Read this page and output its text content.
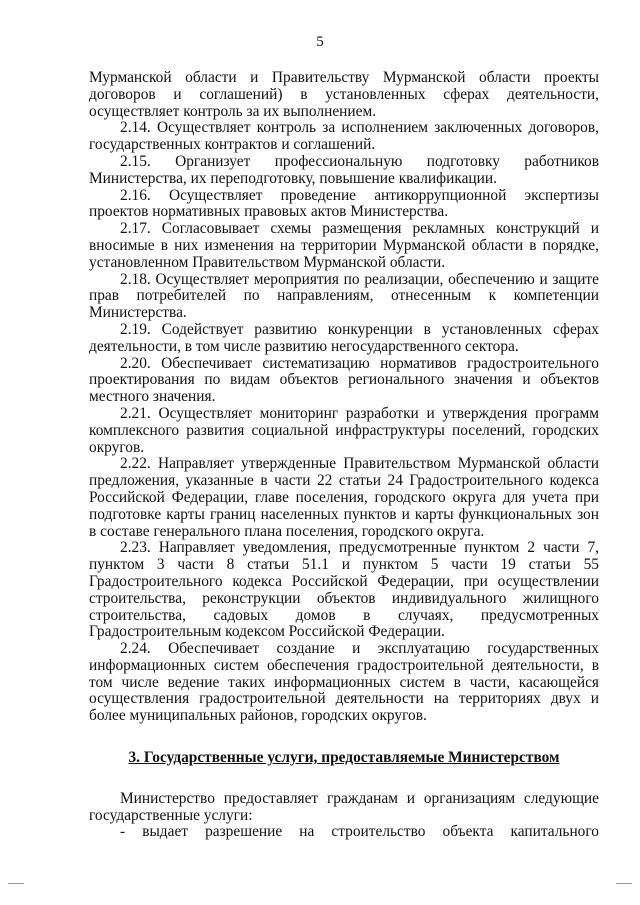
5

Мурманской области и Правительству Мурманской области проекты договоров и соглашений) в установленных сферах деятельности, осуществляет контроль за их выполнением.

2.14. Осуществляет контроль за исполнением заключенных договоров, государственных контрактов и соглашений.

2.15. Организует профессиональную подготовку работников Министерства, их переподготовку, повышение квалификации.

2.16. Осуществляет проведение антикоррупционной экспертизы проектов нормативных правовых актов Министерства.

2.17. Согласовывает схемы размещения рекламных конструкций и вносимые в них изменения на территории Мурманской области в порядке, установленном Правительством Мурманской области.

2.18. Осуществляет мероприятия по реализации, обеспечению и защите прав потребителей по направлениям, отнесенным к компетенции Министерства.

2.19. Содействует развитию конкуренции в установленных сферах деятельности, в том числе развитию негосударственного сектора.

2.20. Обеспечивает систематизацию нормативов градостроительного проектирования по видам объектов регионального значения и объектов местного значения.

2.21. Осуществляет мониторинг разработки и утверждения программ комплексного развития социальной инфраструктуры поселений, городских округов.

2.22. Направляет утвержденные Правительством Мурманской области предложения, указанные в части 22 статьи 24 Градостроительного кодекса Российской Федерации, главе поселения, городского округа для учета при подготовке карты границ населенных пунктов и карты функциональных зон в составе генерального плана поселения, городского округа.

2.23. Направляет уведомления, предусмотренные пунктом 2 части 7, пунктом 3 части 8 статьи 51.1 и пунктом 5 части 19 статьи 55 Градостроительного кодекса Российской Федерации, при осуществлении строительства, реконструкции объектов индивидуального жилищного строительства, садовых домов в случаях, предусмотренных Градостроительным кодексом Российской Федерации.

2.24. Обеспечивает создание и эксплуатацию государственных информационных систем обеспечения градостроительной деятельности, в том числе ведение таких информационных систем в части, касающейся осуществления градостроительной деятельности на территориях двух и более муниципальных районов, городских округов.

3. Государственные услуги, предоставляемые Министерством

Министерство предоставляет гражданам и организациям следующие государственные услуги:

- выдает разрешение на строительство объекта капитального
